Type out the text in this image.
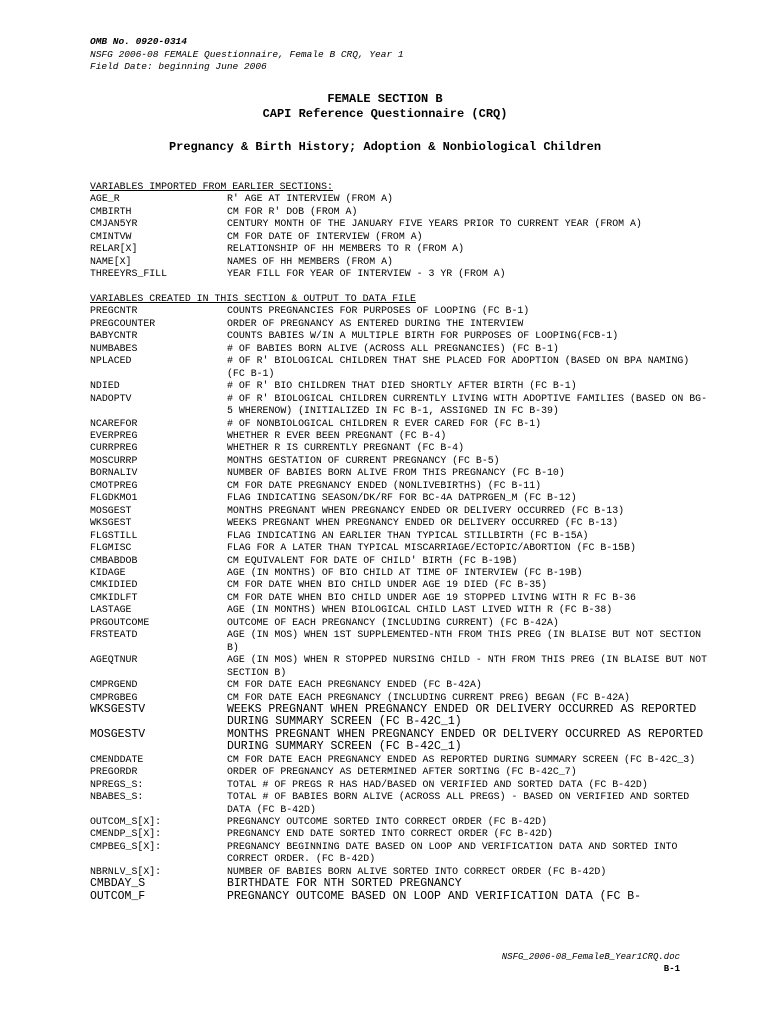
OMB No. 0920-0314
NSFG 2006-08 FEMALE Questionnaire, Female B CRQ, Year 1
Field Date: beginning June 2006
FEMALE SECTION B
CAPI Reference Questionnaire (CRQ)
Pregnancy & Birth History; Adoption & Nonbiological Children
VARIABLES IMPORTED FROM EARLIER SECTIONS:
AGE_R	R' AGE AT INTERVIEW (FROM A)
CMBIRTH	CM FOR R' DOB (FROM A)
CMJAN5YR	CENTURY MONTH OF THE JANUARY FIVE YEARS PRIOR TO CURRENT YEAR (FROM A)
CMINTVW	CM FOR DATE OF INTERVIEW (FROM A)
RELAR[X]	RELATIONSHIP OF HH MEMBERS TO R (FROM A)
NAME[X]	NAMES OF HH MEMBERS (FROM A)
THREEYRS_FILL	YEAR FILL FOR YEAR OF INTERVIEW - 3 YR (FROM A)
VARIABLES CREATED IN THIS SECTION & OUTPUT TO DATA FILE
PREGCNTR	COUNTS PREGNANCIES FOR PURPOSES OF LOOPING (FC B-1)
PREGCOUNTER	ORDER OF PREGNANCY AS ENTERED DURING THE INTERVIEW
BABYCNTR	COUNTS BABIES W/IN A MULTIPLE BIRTH FOR PURPOSES OF LOOPING(FCB-1)
NUMBABES	# OF BABIES BORN ALIVE (ACROSS ALL PREGNANCIES) (FC B-1)
NPLACED	# OF R' BIOLOGICAL CHILDREN THAT SHE PLACED FOR ADOPTION (BASED ON BPA NAMING) (FC B-1)
NDIED	# OF R' BIO CHILDREN THAT DIED SHORTLY AFTER BIRTH (FC B-1)
NADOPTV	# OF R' BIOLOGICAL CHILDREN CURRENTLY LIVING WITH ADOPTIVE FAMILIES (BASED ON BG-5 WHERENOW) (INITIALIZED IN FC B-1, ASSIGNED IN FC B-39)
NCAREFOR	# OF NONBIOLOGICAL CHILDREN R EVER CARED FOR (FC B-1)
EVERPREG	WHETHER R EVER BEEN PREGNANT (FC B-4)
CURRPREG	WHETHER R IS CURRENTLY PREGNANT (FC B-4)
MOSCURRP	MONTHS GESTATION OF CURRENT PREGNANCY (FC B-5)
BORNALIV	NUMBER OF BABIES BORN ALIVE FROM THIS PREGNANCY (FC B-10)
CMOTPREG	CM FOR DATE PREGNANCY ENDED (NONLIVEBIRTHS) (FC B-11)
FLGDKMO1	FLAG INDICATING SEASON/DK/RF FOR BC-4A DATPRGEN_M (FC B-12)
MOSGEST	MONTHS PREGNANT WHEN PREGNANCY ENDED OR DELIVERY OCCURRED (FC B-13)
WKSGEST	WEEKS PREGNANT WHEN PREGNANCY ENDED OR DELIVERY OCCURRED (FC B-13)
FLGSTILL	FLAG INDICATING AN EARLIER THAN TYPICAL STILLBIRTH (FC B-15A)
FLGMISC	FLAG FOR A LATER THAN TYPICAL MISCARRIAGE/ECTOPIC/ABORTION (FC B-15B)
CMBABDOB	CM EQUIVALENT FOR DATE OF CHILD' BIRTH (FC B-19B)
KIDAGE	AGE (IN MONTHS) OF BIO CHILD AT TIME OF INTERVIEW (FC B-19B)
CMKIDIED	CM FOR DATE WHEN BIO CHILD UNDER AGE 19 DIED (FC B-35)
CMKIDLFT	CM FOR DATE WHEN BIO CHILD UNDER AGE 19 STOPPED LIVING WITH R FC B-36
LASTAGE	AGE (IN MONTHS) WHEN BIOLOGICAL CHILD LAST LIVED WITH R (FC B-38)
PRGOUTCOME	OUTCOME OF EACH PREGNANCY (INCLUDING CURRENT) (FC B-42A)
FRSTEATD	AGE (IN MOS) WHEN 1ST SUPPLEMENTED-NTH FROM THIS PREG (IN BLAISE BUT NOT SECTION B)
AGEQTNUR	AGE (IN MOS) WHEN R STOPPED NURSING CHILD - NTH FROM THIS PREG (IN BLAISE BUT NOT SECTION B)
CMPRGEND	CM FOR DATE EACH PREGNANCY ENDED (FC B-42A)
CMPRGBEG	CM FOR DATE EACH PREGNANCY (INCLUDING CURRENT PREG) BEGAN (FC B-42A)
WKSGESTV	WEEKS PREGNANT WHEN PREGNANCY ENDED OR DELIVERY OCCURRED AS REPORTED DURING SUMMARY SCREEN (FC B-42C_1)
MOSGESTV	MONTHS PREGNANT WHEN PREGNANCY ENDED OR DELIVERY OCCURRED AS REPORTED DURING SUMMARY SCREEN (FC B-42C_1)
CMENDDATE	CM FOR DATE EACH PREGNANCY ENDED AS REPORTED DURING SUMMARY SCREEN (FC B-42C_3)
PREGORDR	ORDER OF PREGNANCY AS DETERMINED AFTER SORTING (FC B-42C_7)
NPREGS_S:	TOTAL # OF PREGS R HAS HAD/BASED ON VERIFIED AND SORTED DATA (FC B-42D)
NBABES_S:	TOTAL # OF BABIES BORN ALIVE (ACROSS ALL PREGS) - BASED ON VERIFIED AND SORTED DATA (FC B-42D)
OUTCOM_S[X]:	PREGNANCY OUTCOME SORTED INTO CORRECT ORDER (FC B-42D)
CMENDP_S[X]:	PREGNANCY END DATE SORTED INTO CORRECT ORDER (FC B-42D)
CMPBEG_S[X]:	PREGNANCY BEGINNING DATE BASED ON LOOP AND VERIFICATION DATA AND SORTED INTO CORRECT ORDER. (FC B-42D)
NBRNLV_S[X]:	NUMBER OF BABIES BORN ALIVE SORTED INTO CORRECT ORDER (FC B-42D)
CMBDAY_S	BIRTHDATE FOR NTH SORTED PREGNANCY
OUTCOM_F	PREGNANCY OUTCOME BASED ON LOOP AND VERIFICATION DATA (FC B-
NSFG_2006-08_FemaleB_Year1CRQ.doc
B-1
